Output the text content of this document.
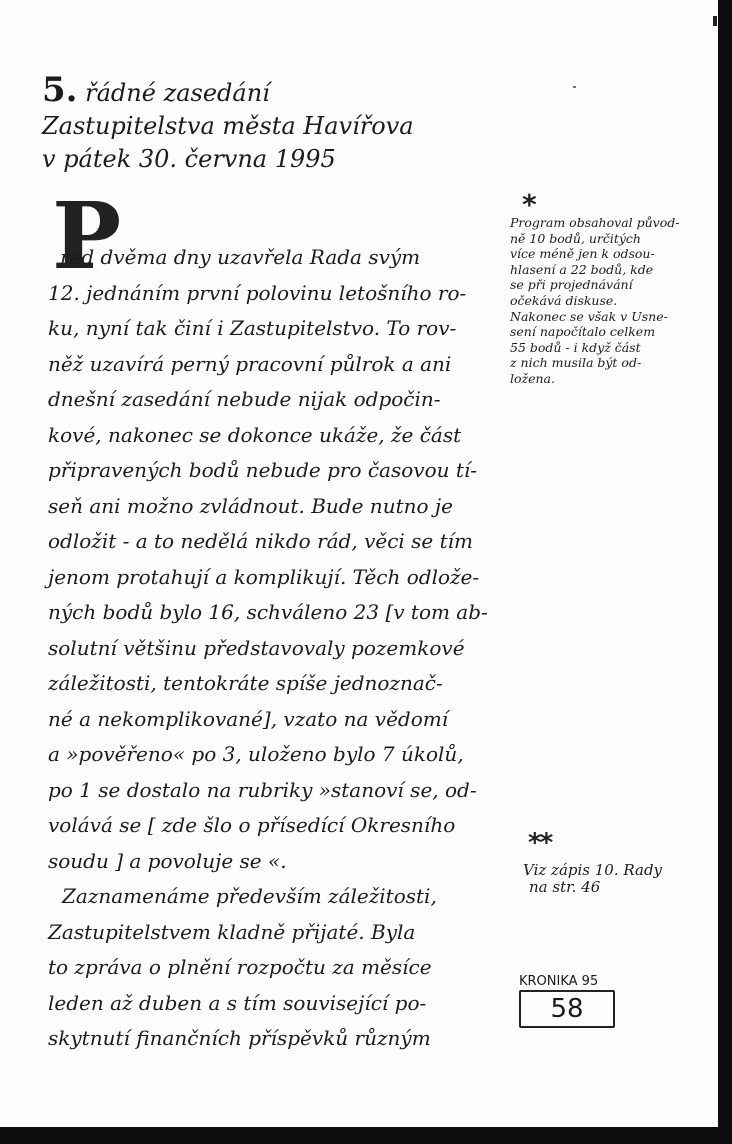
5. řádné zasedání
Zastupitelstva města Havířova
v pátek 30. června 1995
P
řed dvěma dny uzavřela Rada svým
12. jednáním první polovinu letošního ro-
ku, nyní tak činí i Zastupitelstvo. To rov-
něž uzavírá perný pracovní půlrok a ani
dnešní zasedání nebude nijak odpočin-
kové, nakonec se dokonce ukáže, že část
připravených bodů nebude pro časovou tí-
seň ani možno zvládnout. Bude nutno je
odložit - a to nedělá nikdo rád, věci se tím
jenom protahují a komplikují. Těch odlože-
ných bodů bylo 16, schváleno 23 [v tom ab-
solutní většinu představovaly pozemkové
záležitosti, tentokráte spíše jednoznač-
né a nekomplikované], vzato na vědomí
a »pověřeno« po 3, uloženo bylo 7 úkolů,
po 1 se dostalo na rubriky »stanoví se, od-
volává se [ zde šlo o přísedící Okresního
soudu ] a povoluje se «.
Zaznamenáme především záležitosti,
Zastupitelstvem kladně přijaté. Byla
to zpráva o plnění rozpočtu za měsíce
leden až duben a s tím související po-
skytnutí finančních příspěvků různým
*
Program obsahoval původ-
ně 10 bodů, určitých
více méně jen k odsou-
hlasení a 22 bodů, kde
se při projednávání
očekává diskuse.
Nakonec se však v Usne-
sení napočítalo celkem
55 bodů - i když část
z nich musila být od-
ložena.
**
Viz zápis 10. Rady
na str. 46
KRONIKA 95
58
